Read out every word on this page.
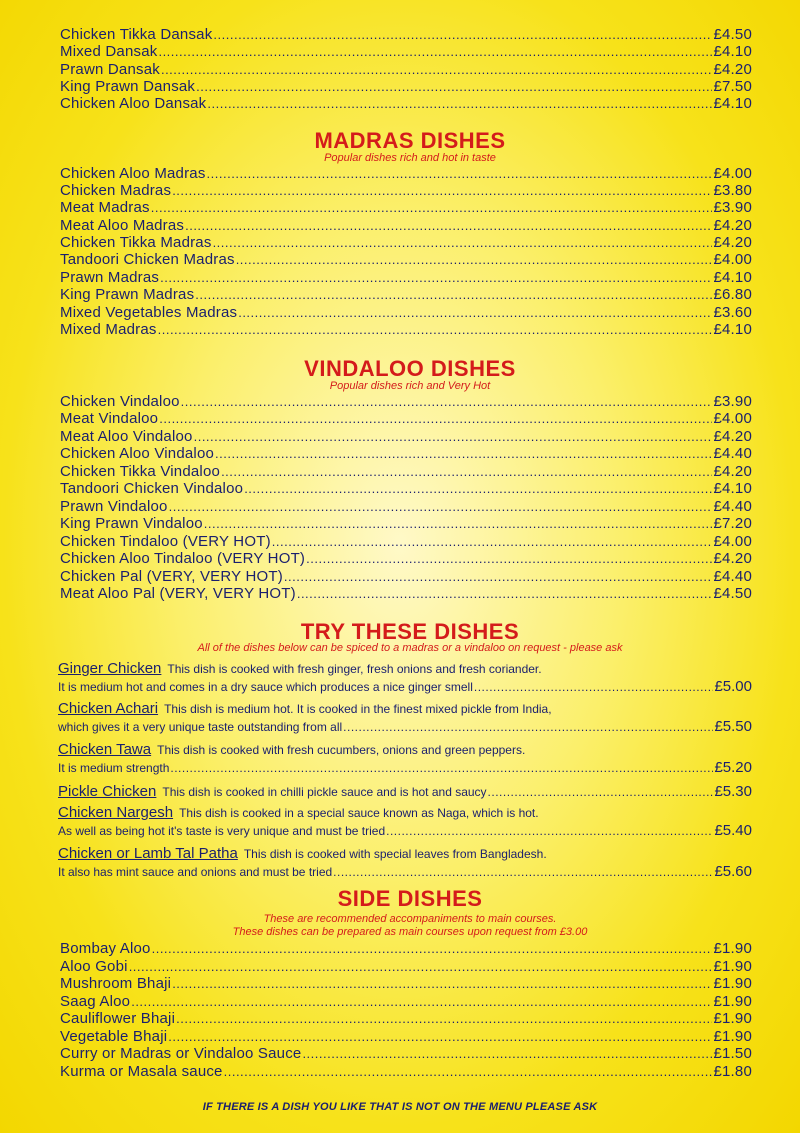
Chicken Tikka Dansak .....	£4.50
Mixed Dansak .....	£4.10
Prawn Dansak .....	£4.20
King Prawn Dansak .....	£7.50
Chicken Aloo Dansak .....	£4.10
MADRAS DISHES
Popular dishes rich and hot in taste
Chicken Aloo Madras .....	£4.00
Chicken Madras .....	£3.80
Meat Madras .....	£3.90
Meat Aloo Madras .....	£4.20
Chicken Tikka Madras .....	£4.20
Tandoori Chicken Madras .....	£4.00
Prawn Madras .....	£4.10
King Prawn Madras .....	£6.80
Mixed Vegetables Madras .....	£3.60
Mixed Madras .....	£4.10
VINDALOO DISHES
Popular dishes rich and Very Hot
Chicken Vindaloo .....	£3.90
Meat Vindaloo .....	£4.00
Meat Aloo Vindaloo .....	£4.20
Chicken Aloo Vindaloo .....	£4.40
Chicken Tikka Vindaloo .....	£4.20
Tandoori Chicken Vindaloo .....	£4.10
Prawn Vindaloo .....	£4.40
King Prawn Vindaloo .....	£7.20
Chicken Tindaloo (VERY HOT) .....	£4.00
Chicken Aloo Tindaloo (VERY HOT) .....	£4.20
Chicken Pal (VERY, VERY HOT) .....	£4.40
Meat Aloo Pal (VERY, VERY HOT) .....	£4.50
TRY THESE DISHES
All of the dishes below can be spiced to a madras or a vindaloo on request - please ask
Ginger Chicken This dish is cooked with fresh ginger, fresh onions and fresh coriander.
It is medium hot and comes in a dry sauce which produces a nice ginger smell .....	£5.00
Chicken Achari This dish is medium hot. It is cooked in the finest mixed pickle from India,
which gives it a very unique taste outstanding from all .....	£5.50
Chicken Tawa This dish is cooked with fresh cucumbers, onions and green peppers.
It is medium strength .....	£5.20
Pickle Chicken This dish is cooked in chilli pickle sauce and is hot and saucy .....	£5.30
Chicken Nargesh This dish is cooked in a special sauce known as Naga, which is hot.
As well as being hot it's taste is very unique and must be tried .....	£5.40
Chicken or Lamb Tal Patha This dish is cooked with special leaves from Bangladesh.
It also has mint sauce and onions and must be tried .....	£5.60
SIDE DISHES
These are recommended accompaniments to main courses.
These dishes can be prepared as main courses upon request from £3.00
Bombay Aloo .....	£1.90
Aloo Gobi .....	£1.90
Mushroom Bhaji .....	£1.90
Saag Aloo .....	£1.90
Cauliflower Bhaji .....	£1.90
Vegetable Bhaji .....	£1.90
Curry or Madras or Vindaloo Sauce .....	£1.50
Kurma or Masala sauce .....	£1.80
IF THERE IS A DISH YOU LIKE THAT IS NOT ON THE MENU PLEASE ASK
